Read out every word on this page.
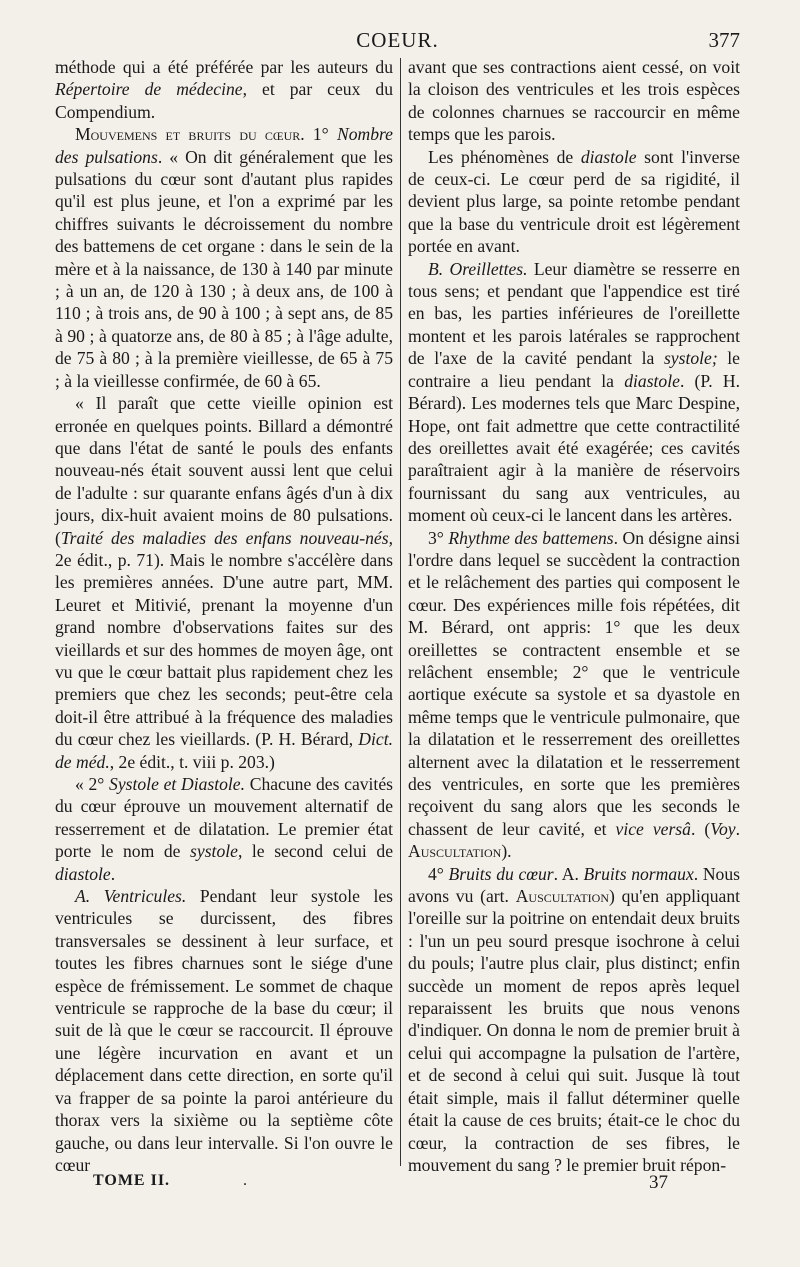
COEUR.	377

méthode qui a été préférée par les auteurs du Répertoire de médecine, et par ceux du Compendium.

Mouvemens et bruits du cœur. 1° Nombre des pulsations. « On dit généralement que les pulsations du cœur sont d'autant plus rapides qu'il est plus jeune, et l'on a exprimé par les chiffres suivants le décroissement du nombre des battemens de cet organe : dans le sein de la mère et à la naissance, de 130 à 140 par minute ; à un an, de 120 à 130 ; à deux ans, de 100 à 110 ; à trois ans, de 90 à 100 ; à sept ans, de 85 à 90 ; à quatorze ans, de 80 à 85 ; à l'âge adulte, de 75 à 80 ; à la première vieillesse, de 65 à 75 ; à la vieillesse confirmée, de 60 à 65.

« Il paraît que cette vieille opinion est erronée en quelques points. Billard a démontré que dans l'état de santé le pouls des enfants nouveau-nés était souvent aussi lent que celui de l'adulte : sur quarante enfans âgés d'un à dix jours, dix-huit avaient moins de 80 pulsations. (Traité des maladies des enfans nouveau-nés, 2e édit., p. 71). Mais le nombre s'accélère dans les premières années. D'une autre part, MM. Leuret et Mitivié, prenant la moyenne d'un grand nombre d'observations faites sur des vieillards et sur des hommes de moyen âge, ont vu que le cœur battait plus rapidement chez les premiers que chez les seconds; peut-être cela doit-il être attribué à la fréquence des maladies du cœur chez les vieillards. (P. H. Bérard, Dict. de méd., 2e édit., t. viii p. 203.)

« 2° Systole et Diastole. Chacune des cavités du cœur éprouve un mouvement alternatif de resserrement et de dilatation. Le premier état porte le nom de systole, le second celui de diastole.

A. Ventricules. Pendant leur systole les ventricules se durcissent, des fibres transversales se dessinent à leur surface, et toutes les fibres charnues sont le siége d'une espèce de frémissement. Le sommet de chaque ventricule se rapproche de la base du cœur; il suit de là que le cœur se raccourcit. Il éprouve une légère incurvation en avant et un déplacement dans cette direction, en sorte qu'il va frapper de sa pointe la paroi antérieure du thorax vers la sixième ou la septième côte gauche, ou dans leur intervalle. Si l'on ouvre le cœur

avant que ses contractions aient cessé, on voit la cloison des ventricules et les trois espèces de colonnes charnues se raccourcir en même temps que les parois.

Les phénomènes de diastole sont l'inverse de ceux-ci. Le cœur perd de sa rigidité, il devient plus large, sa pointe retombe pendant que la base du ventricule droit est légèrement portée en avant.

B. Oreillettes. Leur diamètre se resserre en tous sens; et pendant que l'appendice est tiré en bas, les parties inférieures de l'oreillette montent et les parois latérales se rapprochent de l'axe de la cavité pendant la systole; le contraire a lieu pendant la diastole. (P. H. Bérard). Les modernes tels que Marc Despine, Hope, ont fait admettre que cette contractilité des oreillettes avait été exagérée; ces cavités paraîtraient agir à la manière de réservoirs fournissant du sang aux ventricules, au moment où ceux-ci le lancent dans les artères.

3° Rhythme des battemens. On désigne ainsi l'ordre dans lequel se succèdent la contraction et le relâchement des parties qui composent le cœur. Des expériences mille fois répétées, dit M. Bérard, ont appris: 1° que les deux oreillettes se contractent ensemble et se relâchent ensemble; 2° que le ventricule aortique exécute sa systole et sa dyastole en même temps que le ventricule pulmonaire, que la dilatation et le resserrement des oreillettes alternent avec la dilatation et le resserrement des ventricules, en sorte que les premières reçoivent du sang alors que les seconds le chassent de leur cavité, et vice versâ. (Voy. Auscultation).

4° Bruits du cœur. A. Bruits normaux. Nous avons vu (art. Auscultation) qu'en appliquant l'oreille sur la poitrine on entendait deux bruits : l'un un peu sourd presque isochrone à celui du pouls; l'autre plus clair, plus distinct; enfin succède un moment de repos après lequel reparaissent les bruits que nous venons d'indiquer. On donna le nom de premier bruit à celui qui accompagne la pulsation de l'artère, et de second à celui qui suit. Jusque là tout était simple, mais il fallut déterminer quelle était la cause de ces bruits; était-ce le choc du cœur, la contraction de ses fibres, le mouvement du sang ? le premier bruit répon-

TOME II.	.	37
